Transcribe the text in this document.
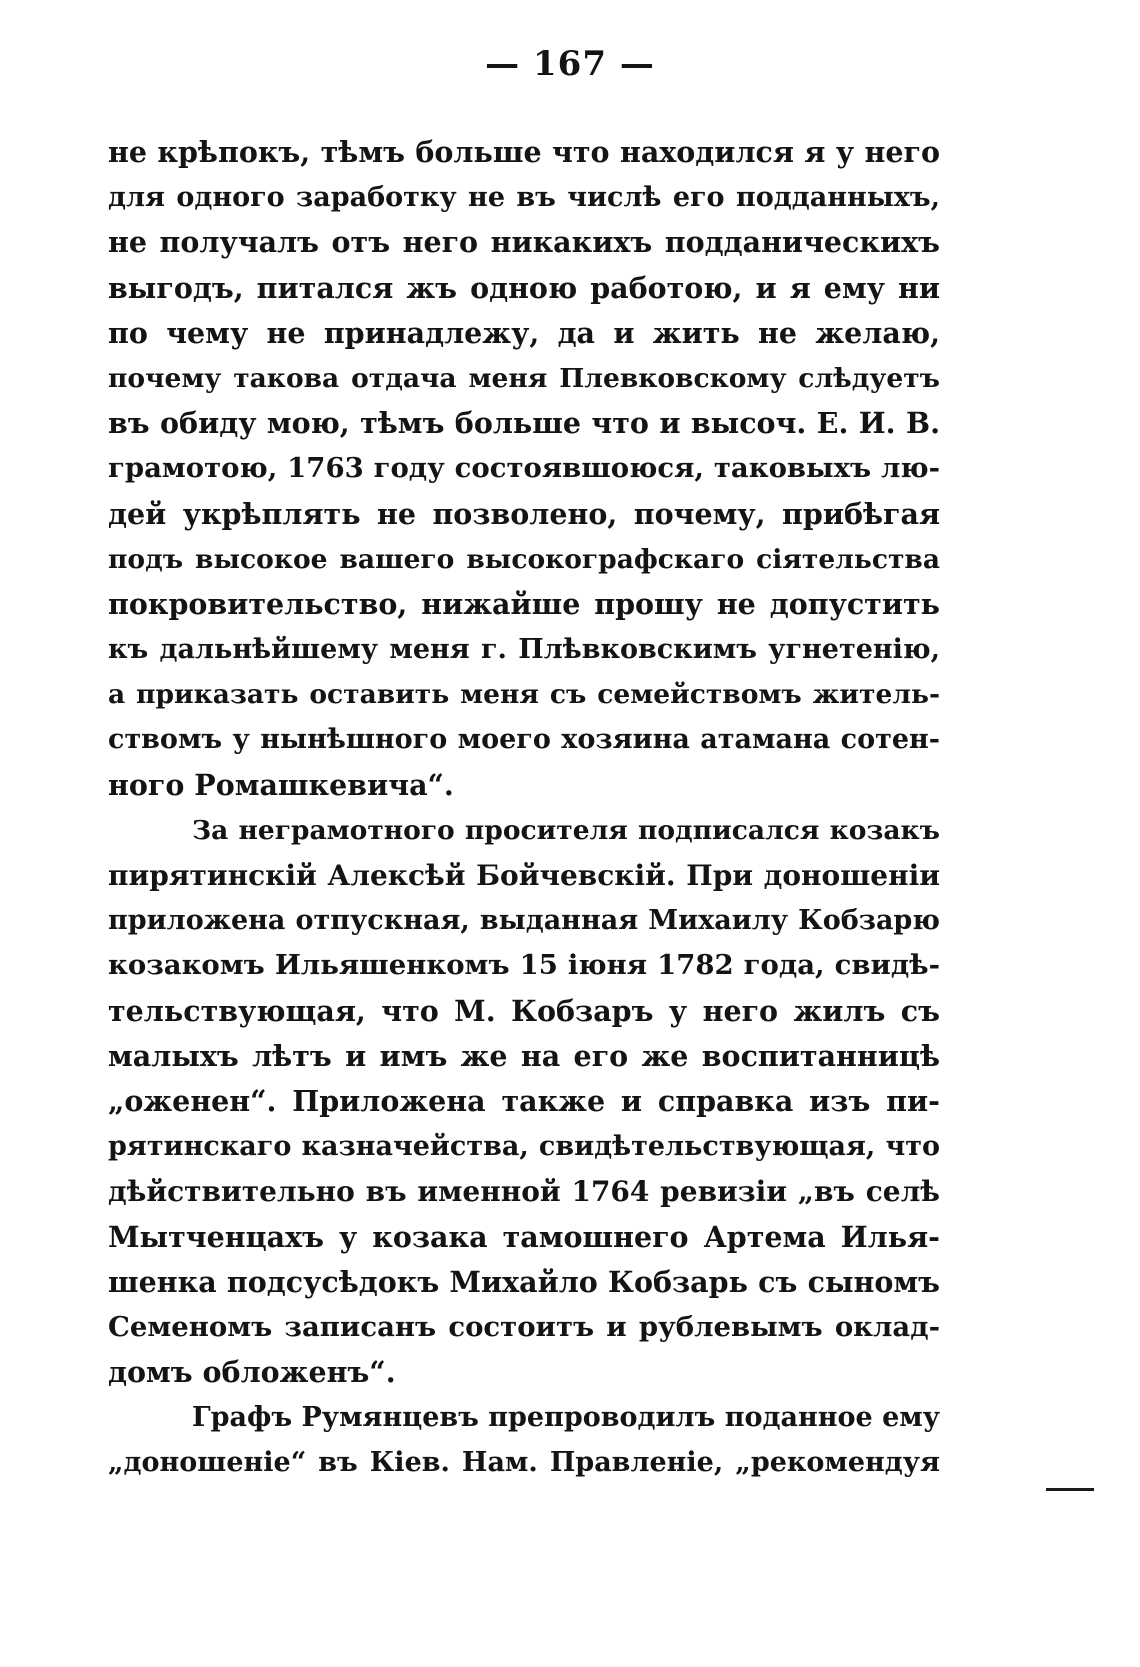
— 167 —
не крѣпокъ, тѣмъ больше что находился я у него
для одного заработку не въ числѣ его подданныхъ,
не получалъ отъ него никакихъ подданическихъ
выгодъ, питался жъ одною работою, и я ему ни
по чему не принадлежу, да и жить не желаю,
почему такова отдача меня Плевковскому слѣдуетъ
въ обиду мою, тѣмъ больше что и высоч. Е. И. В.
грамотою, 1763 году состоявшоюся, таковыхъ лю-
дей укрѣплять не позволено, почему, прибѣгая
подъ высокое вашего высокографскаго сіятельства
покровительство, нижайше прошу не допустить
къ дальнѣйшему меня г. Плѣвковскимъ угнетенію,
а приказать оставить меня съ семействомъ житель-
ствомъ у нынѣшного моего хозяина атамана сотен-
ного Ромашкевича“.
За неграмотного просителя подписался козакъ
пирятинскій Алексѣй Бойчевскій. При доношеніи
приложена отпускная, выданная Михаилу Кобзарю
козакомъ Ильяшенкомъ 15 іюня 1782 года, свидѣ-
тельствующая, что М. Кобзаръ у него жилъ съ
малыхъ лѣтъ и имъ же на его же воспитанницѣ
„оженен“. Приложена также и справка изъ пи-
рятинскаго казначейства, свидѣтельствующая, что
дѣйствительно въ именной 1764 ревизіи „въ селѣ
Мытченцахъ у козака тамошнего Артема Илья-
шенка подсусѣдокъ Михайло Кобзарь съ сыномъ
Семеномъ записанъ состоитъ и рублевымъ оклад-
домъ обложенъ“.
Графъ Румянцевъ препроводилъ поданное ему
„доношеніе“ въ Кіев. Нам. Правленіе, „рекомендуя
